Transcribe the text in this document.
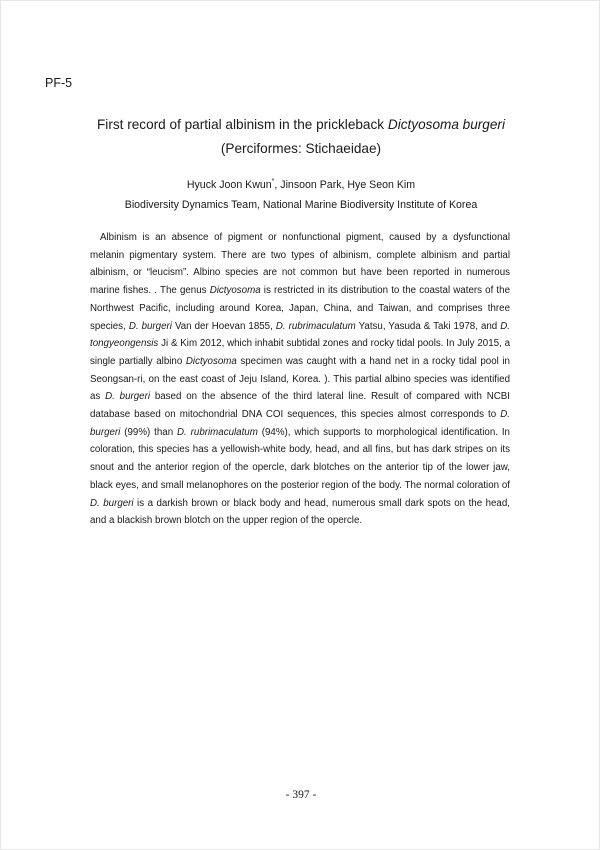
PF-5
First record of partial albinism in the prickleback Dictyosoma burgeri (Perciformes: Stichaeidae)
Hyuck Joon Kwun*, Jinsoon Park, Hye Seon Kim
Biodiversity Dynamics Team, National Marine Biodiversity Institute of Korea
Albinism is an absence of pigment or nonfunctional pigment, caused by a dysfunctional melanin pigmentary system. There are two types of albinism, complete albinism and partial albinism, or “leucism”. Albino species are not common but have been reported in numerous marine fishes. . The genus Dictyosoma is restricted in its distribution to the coastal waters of the Northwest Pacific, including around Korea, Japan, China, and Taiwan, and comprises three species, D. burgeri Van der Hoevan 1855, D. rubrimaculatum Yatsu, Yasuda & Taki 1978, and D. tongyeongensis Ji & Kim 2012, which inhabit subtidal zones and rocky tidal pools. In July 2015, a single partially albino Dictyosoma specimen was caught with a hand net in a rocky tidal pool in Seongsan-ri, on the east coast of Jeju Island, Korea. ). This partial albino species was identified as D. burgeri based on the absence of the third lateral line. Result of compared with NCBI database based on mitochondrial DNA COI sequences, this species almost corresponds to D. burgeri (99%) than D. rubrimaculatum (94%), which supports to morphological identification. In coloration, this species has a yellowish-white body, head, and all fins, but has dark stripes on its snout and the anterior region of the opercle, dark blotches on the anterior tip of the lower jaw, black eyes, and small melanophores on the posterior region of the body. The normal coloration of D. burgeri is a darkish brown or black body and head, numerous small dark spots on the head, and a blackish brown blotch on the upper region of the opercle.
- 397 -
